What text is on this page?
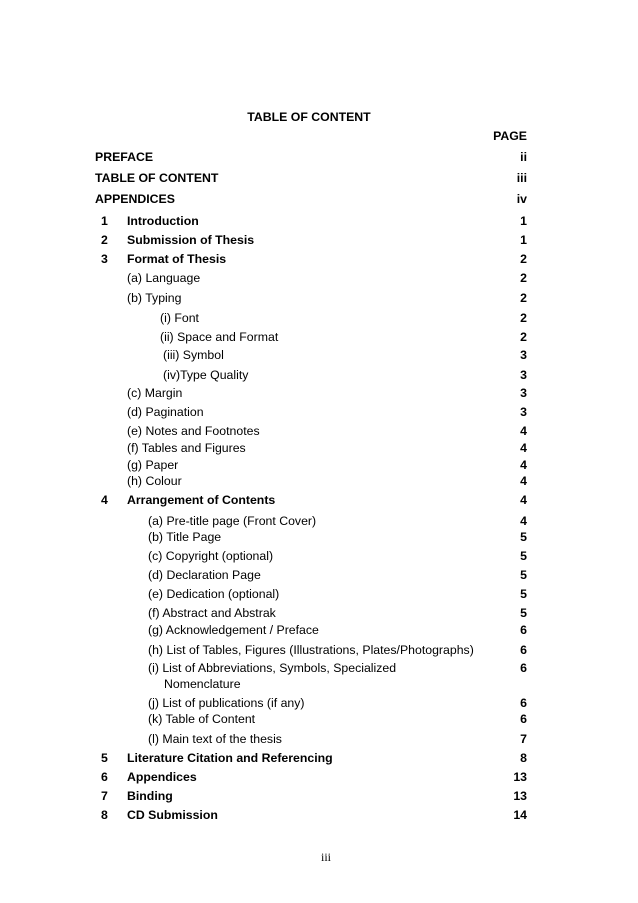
TABLE OF CONTENT
PAGE
PREFACE	ii
TABLE OF CONTENT	iii
APPENDICES	iv
1 Introduction	1
2 Submission of Thesis	1
3 Format of Thesis	2
(a) Language	2
(b) Typing	2
(i) Font	2
(ii) Space and Format	2
(iii) Symbol	3
(iv)Type Quality	3
(c) Margin	3
(d) Pagination	3
(e) Notes and Footnotes	4
(f) Tables and Figures	4
(g) Paper	4
(h) Colour	4
4 Arrangement of Contents	4
(a) Pre-title page (Front Cover)	4
(b) Title Page	5
(c) Copyright (optional)	5
(d) Declaration Page	5
(e) Dedication (optional)	5
(f) Abstract and Abstrak	5
(g) Acknowledgement / Preface	6
(h) List of Tables, Figures (Illustrations, Plates/Photographs)	6
(i) List of Abbreviations, Symbols, Specialized	6
Nomenclature
(j) List of publications (if any)	6
(k) Table of Content	6
(l) Main text of the thesis	7
5 Literature Citation and Referencing	8
6 Appendices	13
7 Binding	13
8 CD Submission	14
iii
